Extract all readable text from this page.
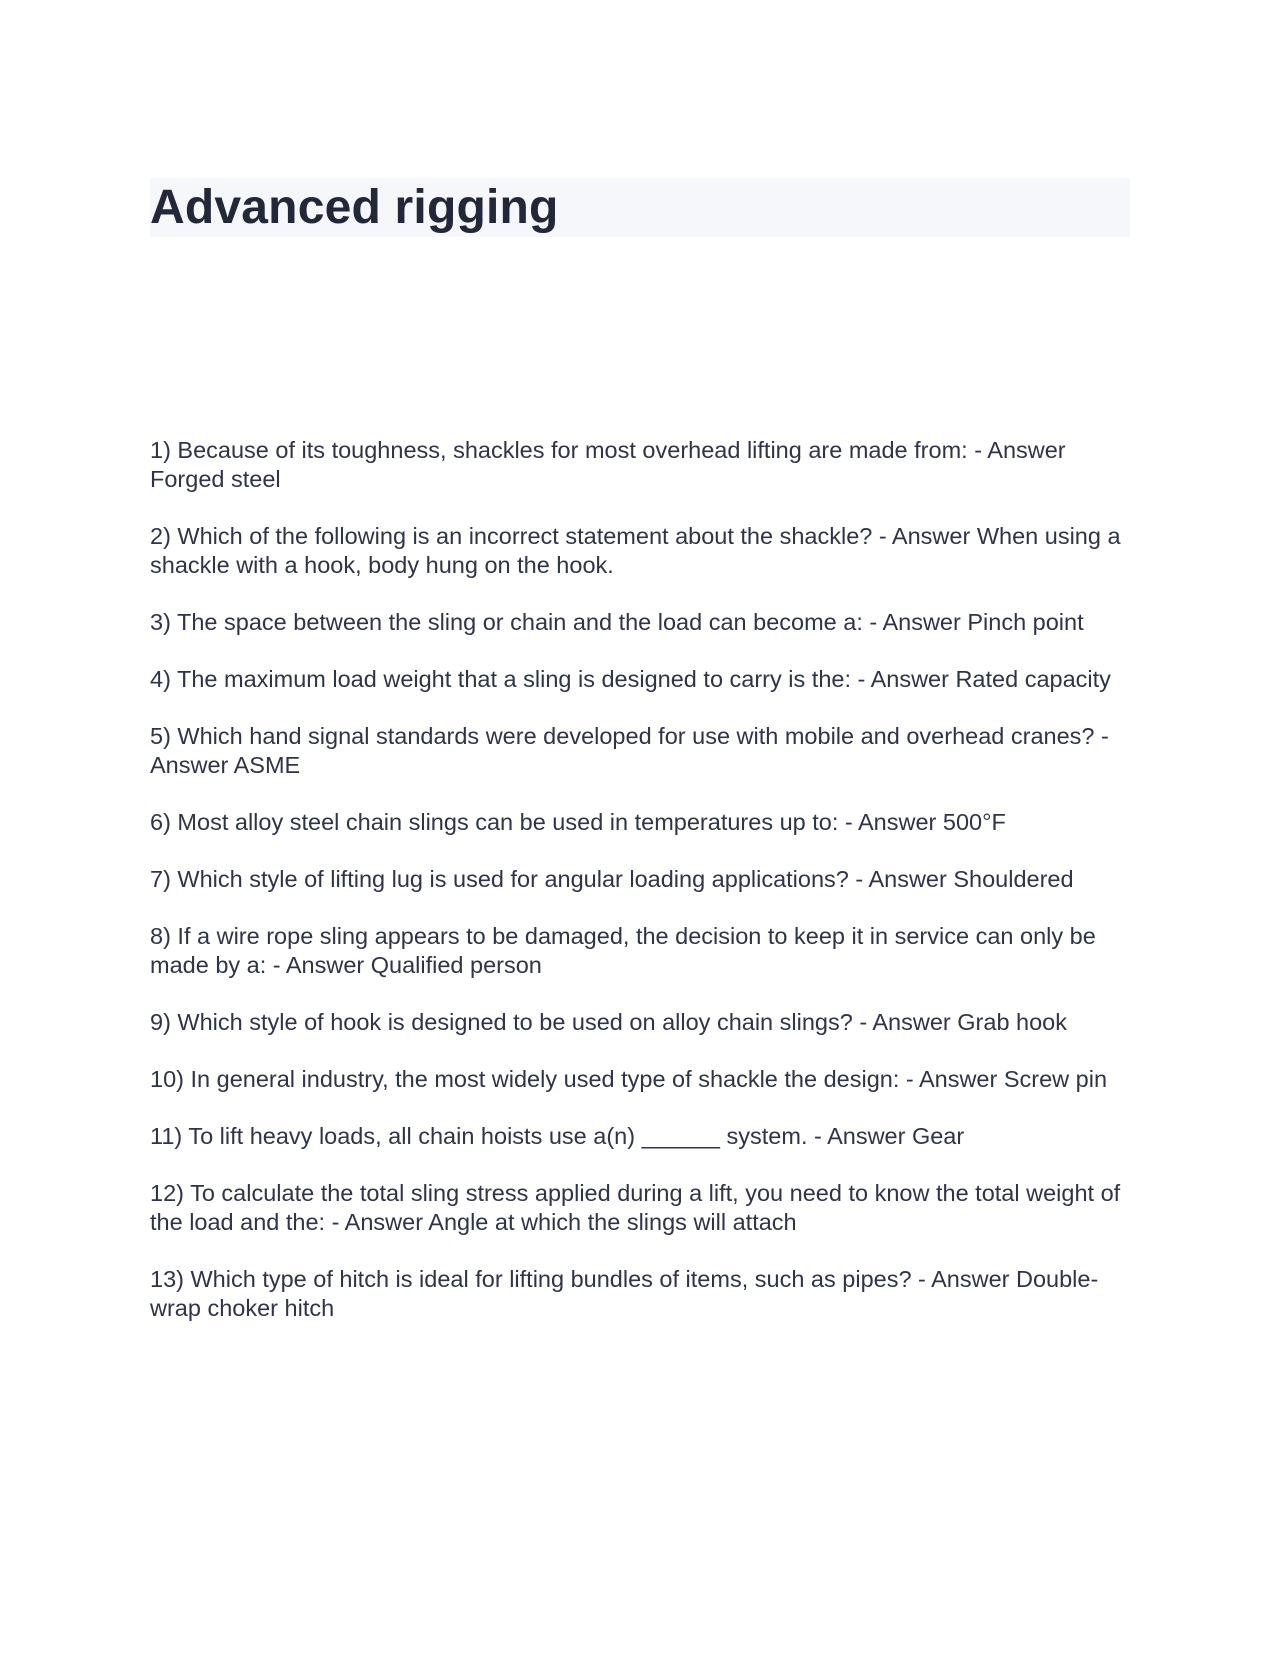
Advanced rigging

1) Because of its toughness, shackles for most overhead lifting are made from: - Answer Forged steel

2) Which of the following is an incorrect statement about the shackle? - Answer When using a shackle with a hook, body hung on the hook.

3) The space between the sling or chain and the load can become a: - Answer Pinch point

4) The maximum load weight that a sling is designed to carry is the: - Answer Rated capacity

5) Which hand signal standards were developed for use with mobile and overhead cranes? - Answer ASME

6) Most alloy steel chain slings can be used in temperatures up to: - Answer 500°F

7) Which style of lifting lug is used for angular loading applications? - Answer Shouldered

8) If a wire rope sling appears to be damaged, the decision to keep it in service can only be made by a: - Answer Qualified person

9) Which style of hook is designed to be used on alloy chain slings? - Answer Grab hook

10) In general industry, the most widely used type of shackle the design: - Answer Screw pin

11) To lift heavy loads, all chain hoists use a(n) ______ system. - Answer Gear

12) To calculate the total sling stress applied during a lift, you need to know the total weight of the load and the: - Answer Angle at which the slings will attach

13) Which type of hitch is ideal for lifting bundles of items, such as pipes? - Answer Double-wrap choker hitch
